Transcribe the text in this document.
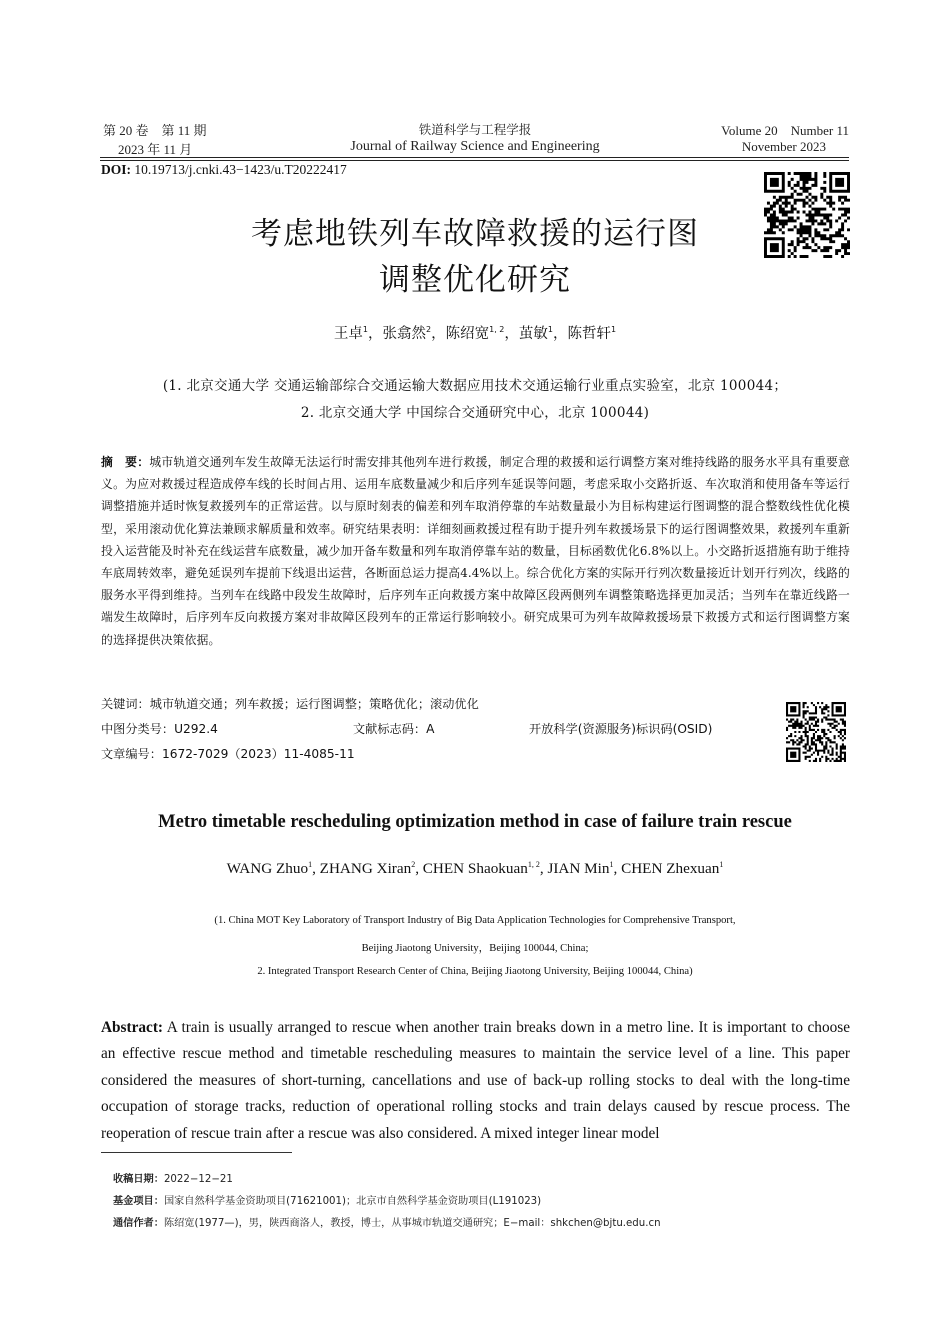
第 20 卷　第 11 期
2023 年 11 月
铁道科学与工程学报
Journal of Railway Science and Engineering
Volume 20　Number 11
November 2023
DOI: 10.19713/j.cnki.43−1423/u.T20222417
考虑地铁列车故障救援的运行图
调整优化研究
王卓$^1$，张翕然$^2$，陈绍宽$^{1, 2}$，茧敏$^1$，陈哲轩$^1$
(1. 北京交通大学 交通运输部综合交通运输大数据应用技术交通运输行业重点实验室，北京 100044；
2. 北京交通大学 中国综合交通研究中心，北京 100044)
摘　要：城市轨道交通列车发生故障无法运行时需安排其他列车进行救援，制定合理的救援和运行调整方案对维持线路的服务水平具有重要意义。为应对救援过程造成停车线的长时间占用、运用车底数量减少和后序列车延误等问题，考虑采取小交路折返、车次取消和使用备车等运行调整措施并适时恢复救援列车的正常运营。以与原时刻表的偏差和列车取消停靠的车站数量最小为目标构建运行图调整的混合整数线性优化模型，采用滚动优化算法兼顾求解质量和效率。研究结果表明：详细刻画救援过程有助于提升列车救援场景下的运行图调整效果，救援列车重新投入运营能及时补充在线运营车底数量，减少加开备车数量和列车取消停靠车站的数量，目标函数优化6.8%以上。小交路折返措施有助于维持车底周转效率，避免延误列车提前下线退出运营，各断面总运力提高4.4%以上。综合优化方案的实际开行列次数量接近计划开行列次，线路的服务水平得到维持。当列车在线路中段发生故障时，后序列车正向救援方案中故障区段两侧列车调整策略选择更加灵活；当列车在靠近线路一端发生故障时，后序列车反向救援方案对非故障区段列车的正常运行影响较小。研究成果可为列车故障救援场景下救援方式和运行图调整方案的选择提供决策依据。
关键词：城市轨道交通；列车救援；运行图调整；策略优化；滚动优化
中图分类号：U292.4	文献标志码：A	开放科学(资源服务)标识码(OSID)
文章编号：1672-7029（2023）11-4085-11
Metro timetable rescheduling optimization method in case of failure train rescue
WANG Zhuo$^1$, ZHANG Xiran$^2$, CHEN Shaokuan$^{1, 2}$, JIAN Min$^1$, CHEN Zhexuan$^1$
(1. China MOT Key Laboratory of Transport Industry of Big Data Application Technologies for Comprehensive Transport,
Beijing Jiaotong University，Beijing 100044, China;
2. Integrated Transport Research Center of China, Beijing Jiaotong University, Beijing 100044, China)
Abstract: A train is usually arranged to rescue when another train breaks down in a metro line. It is important to choose an effective rescue method and timetable rescheduling measures to maintain the service level of a line. This paper considered the measures of short-turning, cancellations and use of back-up rolling stocks to deal with the long-time occupation of storage tracks, reduction of operational rolling stocks and train delays caused by rescue process. The reoperation of rescue train after a rescue was also considered. A mixed integer linear model
收稿日期：2022−12−21
基金项目：国家自然科学基金资助项目(71621001)；北京市自然科学基金资助项目(L191023)
通信作者：陈绍宽(1977—)，男，陕西商洛人，教授，博士，从事城市轨道交通研究；E−mail：shkchen@bjtu.edu.cn
